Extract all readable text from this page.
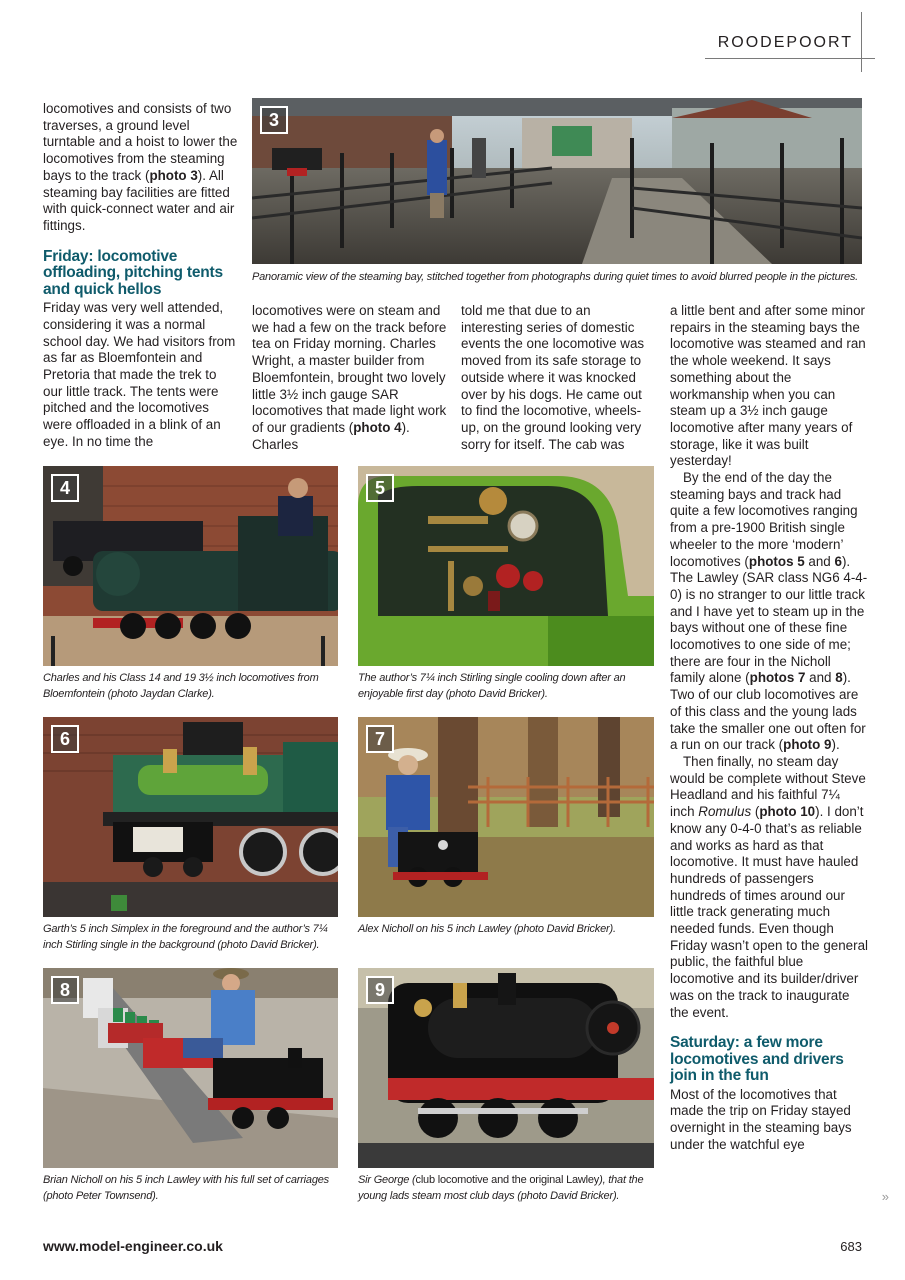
ROODEPOORT

locomotives and consists of two traverses, a ground level turntable and a hoist to lower the locomotives from the steaming bays to the track (photo 3). All steaming bay facilities are fitted with quick-connect water and air fittings.

Friday: locomotive offloading, pitching tents and quick hellos

Friday was very well attended, considering it was a normal school day. We had visitors from as far as Bloemfontein and Pretoria that made the trek to our little track. The tents were pitched and the locomotives were offloaded in a blink of an eye. In no time the

locomotives were on steam and we had a few on the track before tea on Friday morning. Charles Wright, a master builder from Bloemfontein, brought two lovely little 3½ inch gauge SAR locomotives that made light work of our gradients (photo 4). Charles

told me that due to an interesting series of domestic events the one locomotive was moved from its safe storage to outside where it was knocked over by his dogs. He came out to find the locomotive, wheels-up, on the ground looking very sorry for itself. The cab was

a little bent and after some minor repairs in the steaming bays the locomotive was steamed and ran the whole weekend. It says something about the workmanship when you can steam up a 3½ inch gauge locomotive after many years of storage, like it was built yesterday!

By the end of the day the steaming bays and track had quite a few locomotives ranging from a pre-1900 British single wheeler to the more ‘modern’ locomotives (photos 5 and 6). The Lawley (SAR class NG6 4-4-0) is no stranger to our little track and I have yet to steam up in the bays without one of these fine locomotives to one side of me; there are four in the Nicholl family alone (photos 7 and 8). Two of our club locomotives are of this class and the young lads take the smaller one out often for a run on our track (photo 9).

Then finally, no steam day would be complete without Steve Headland and his faithful 7¼ inch Romulus (photo 10). I don’t know any 0-4-0 that’s as reliable and works as hard as that locomotive. It must have hauled hundreds of passengers hundreds of times around our little track generating much needed funds. Even though Friday wasn’t open to the general public, the faithful blue locomotive and its builder/driver was on the track to inaugurate the event.

Saturday: a few more locomotives and drivers join in the fun

Most of the locomotives that made the trip on Friday stayed overnight in the steaming bays under the watchful eye

3
Panoramic view of the steaming bay, stitched together from photographs during quiet times to avoid blurred people in the pictures.
4
Charles and his Class 14 and 19 3½ inch locomotives from Bloemfontein (photo Jaydan Clarke).
5
The author’s 7¼ inch Stirling single cooling down after an enjoyable first day (photo David Bricker).
6
Garth’s 5 inch Simplex in the foreground and the author’s 7¼ inch Stirling single in the background (photo David Bricker).
7
Alex Nicholl on his 5 inch Lawley (photo David Bricker).
8
Brian Nicholl on his 5 inch Lawley with his full set of carriages (photo Peter Townsend).
9
Sir George (club locomotive and the original Lawley), that the young lads steam most club days (photo David Bricker).	»
www.model-engineer.co.uk	683
